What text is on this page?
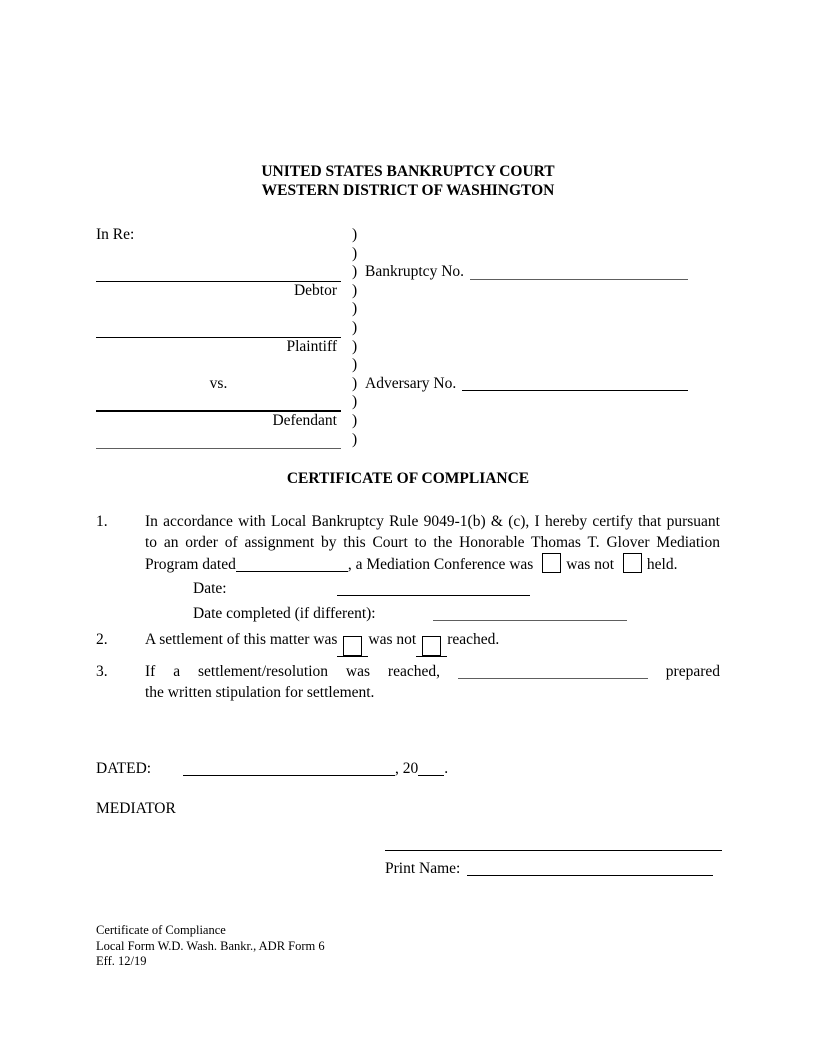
UNITED STATES BANKRUPTCY COURT
WESTERN DISTRICT OF WASHINGTON
In Re:	)
)
) Bankruptcy No.
Debtor )
)
)
Plaintiff )
)
vs.	) Adversary No.
)
Defendant )
)
CERTIFICATE OF COMPLIANCE
1.	In accordance with Local Bankruptcy Rule 9049-1(b) & (c), I hereby certify that pursuant
to an order of assignment by this Court to the Honorable Thomas T. Glover Mediation
Program dated	, a Mediation Conference was was not held.
Date:
Date completed (if different):
2.	A settlement of this matter was was not reached.
3.	If a settlement/resolution was reached,	prepared
the written stipulation for settlement.
DATED:	, 20 .
MEDIATOR
Print Name:
Certificate of Compliance
Local Form W.D. Wash. Bankr., ADR Form 6
Eff. 12/19
